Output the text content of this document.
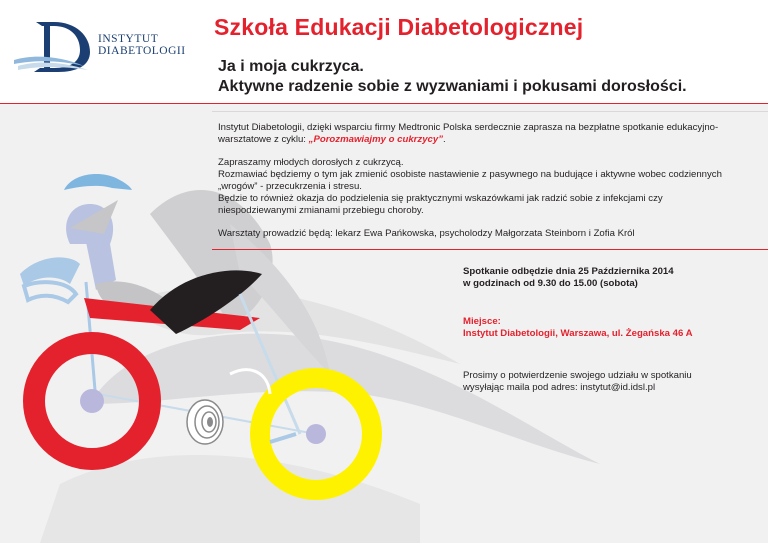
INSTYTUT
DIABETOLOGII
Szkoła Edukacji Diabetologicznej
Ja i moja cukrzyca.
Aktywne radzenie sobie z wyzwaniami i pokusami dorosłości.

Instytut Diabetologii, dzięki wsparciu firmy Medtronic Polska serdecznie zaprasza na bezpłatne spotkanie edukacyjno-warsztatowe z cyklu: „Porozmawiajmy o cukrzycy”.

Zapraszamy młodych dorosłych z cukrzycą.

Rozmawiać będziemy o tym jak zmienić osobiste nastawienie z pasywnego na budujące i aktywne wobec codziennych „wrogów” - przecukrzenia i stresu.

Będzie to również okazja do podzielenia się praktycznymi wskazówkami jak radzić sobie z infekcjami czy niespodziewanymi zmianami przebiegu choroby.

Warsztaty prowadzić będą: lekarz Ewa Pańkowska, psycholodzy Małgorzata Steinborn i Zofia Król

Spotkanie odbędzie dnia 25 Października 2014
w godzinach od 9.30 do 15.00 (sobota)
Miejsce:
Instytut Diabetologii, Warszawa, ul. Żegańska 46 A
Prosimy o potwierdzenie swojego udziału w spotkaniu
wysyłając maila pod adres: instytut@id.idsl.pl
